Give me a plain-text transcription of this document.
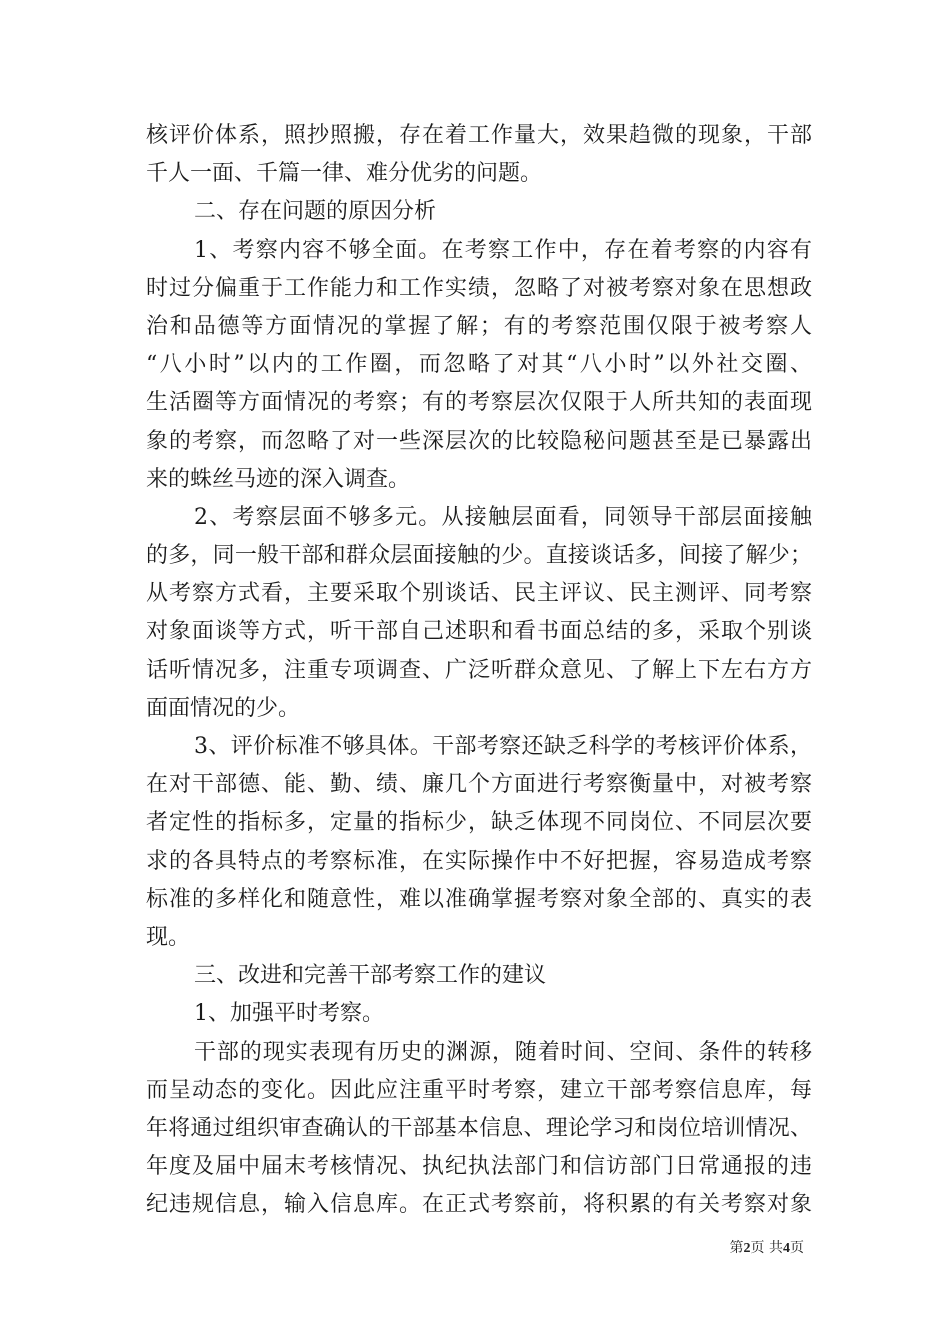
核评价体系，照抄照搬，存在着工作量大，效果趋微的现象，干部
千人一面、千篇一律、难分优劣的问题。
二、存在问题的原因分析
1、考察内容不够全面。在考察工作中，存在着考察的内容有
时过分偏重于工作能力和工作实绩，忽略了对被考察对象在思想政
治和品德等方面情况的掌握了解；有的考察范围仅限于被考察人
“八小时”以内的工作圈，而忽略了对其“八小时”以外社交圈、
生活圈等方面情况的考察；有的考察层次仅限于人所共知的表面现
象的考察，而忽略了对一些深层次的比较隐秘问题甚至是已暴露出
来的蛛丝马迹的深入调查。
2、考察层面不够多元。从接触层面看，同领导干部层面接触
的多，同一般干部和群众层面接触的少。直接谈话多，间接了解少；
从考察方式看，主要采取个别谈话、民主评议、民主测评、同考察
对象面谈等方式，听干部自己述职和看书面总结的多，采取个别谈
话听情况多，注重专项调查、广泛听群众意见、了解上下左右方方
面面情况的少。
3、评价标准不够具体。干部考察还缺乏科学的考核评价体系，
在对干部德、能、勤、绩、廉几个方面进行考察衡量中，对被考察
者定性的指标多，定量的指标少，缺乏体现不同岗位、不同层次要
求的各具特点的考察标准，在实际操作中不好把握，容易造成考察
标准的多样化和随意性，难以准确掌握考察对象全部的、真实的表
现。
三、改进和完善干部考察工作的建议
1、加强平时考察。
干部的现实表现有历史的渊源，随着时间、空间、条件的转移
而呈动态的变化。因此应注重平时考察，建立干部考察信息库，每
年将通过组织审查确认的干部基本信息、理论学习和岗位培训情况、
年度及届中届末考核情况、执纪执法部门和信访部门日常通报的违
纪违规信息，输入信息库。在正式考察前，将积累的有关考察对象
第2页 共4页
